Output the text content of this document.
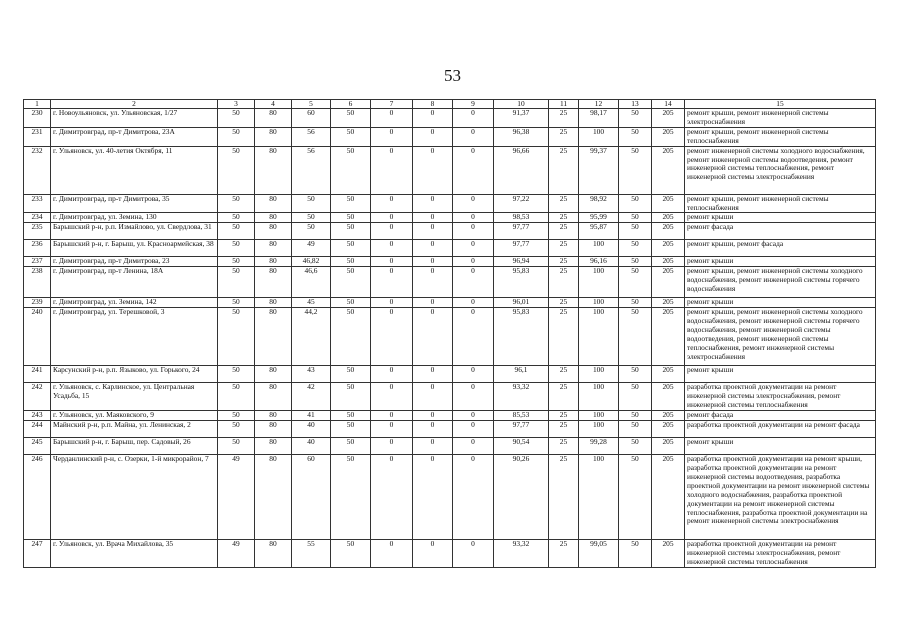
53
1	2	3	4	5	6	7	8	9	10	11	12	13	14	15
230	г. Новоульяновск, ул. Ульяновская, 1/27	50	80	60	50	0	0	0	91,37	25	98,17	50	205	ремонт крыши, ремонт инженерной системы электроснабжения
231	г. Димитровград, пр-т Димитрова, 23А	50	80	56	50	0	0	0	96,38	25	100	50	205	ремонт крыши, ремонт инженерной системы теплоснабжения
232	г. Ульяновск, ул. 40-летия Октября, 11	50	80	56	50	0	0	0	96,66	25	99,37	50	205	ремонт инженерной системы холодного водоснабжения, ремонт инженерной системы водоотведения, ремонт инженерной системы теплоснабжения, ремонт инженерной системы электроснабжения
233	г. Димитровград, пр-т Димитрова, 35	50	80	50	50	0	0	0	97,22	25	98,92	50	205	ремонт крыши, ремонт инженерной системы теплоснабжения
234	г. Димитровград, ул. Земина, 130	50	80	50	50	0	0	0	98,53	25	95,99	50	205	ремонт крыши
235	Барышский р-н, р.п. Измайлово, ул. Свердлова, 31	50	80	50	50	0	0	0	97,77	25	95,87	50	205	ремонт фасада
236	Барышский р-н, г. Барыш, ул. Красноармейская, 38	50	80	49	50	0	0	0	97,77	25	100	50	205	ремонт крыши, ремонт фасада
237	г. Димитровград, пр-т Димитрова, 23	50	80	46,82	50	0	0	0	96,94	25	96,16	50	205	ремонт крыши
238	г. Димитровград, пр-т Ленина, 18А	50	80	46,6	50	0	0	0	95,83	25	100	50	205	ремонт крыши, ремонт инженерной системы холодного водоснабжения, ремонт инженерной системы горячего водоснабжения
239	г. Димитровград, ул. Земина, 142	50	80	45	50	0	0	0	96,01	25	100	50	205	ремонт крыши
240	г. Димитровград, ул. Терешковой, 3	50	80	44,2	50	0	0	0	95,83	25	100	50	205	ремонт крыши, ремонт инженерной системы холодного водоснабжения, ремонт инженерной системы горячего водоснабжения, ремонт инженерной системы водоотведения, ремонт инженерной системы теплоснабжения, ремонт инженерной системы электроснабжения
241	Карсунский р-н, р.п. Языково, ул. Горького, 24	50	80	43	50	0	0	0	96,1	25	100	50	205	ремонт крыши
242	г. Ульяновск, с. Карлинское, ул. Центральная Усадьба, 15	50	80	42	50	0	0	0	93,32	25	100	50	205	разработка проектной документации на ремонт инженерной системы электроснабжения, ремонт инженерной системы теплоснабжения
243	г. Ульяновск, ул. Маяковского, 9	50	80	41	50	0	0	0	85,53	25	100	50	205	ремонт фасада
244	Майнский р-н, р.п. Майна, ул. Ленинская, 2	50	80	40	50	0	0	0	97,77	25	100	50	205	разработка проектной документации на ремонт фасада
245	Барышский р-н, г. Барыш, пер. Садовый, 26	50	80	40	50	0	0	0	90,54	25	99,28	50	205	ремонт крыши
246	Черданлинский р-н, с. Озерки, 1-й микрорайон, 7	49	80	60	50	0	0	0	90,26	25	100	50	205	разработка проектной документации на ремонт крыши, разработка проектной документации на ремонт инженерной системы водоотведения, разработка проектной документации на ремонт инженерной системы холодного водоснабжения, разработка проектной документации на ремонт инженерной системы теплоснабжения, разработка проектной документации на ремонт инженерной системы электроснабжения
247	г. Ульяновск, ул. Врача Михайлова, 35	49	80	55	50	0	0	0	93,32	25	99,05	50	205	разработка проектной документации на ремонт инженерной системы электроснабжения, ремонт инженерной системы теплоснабжения
